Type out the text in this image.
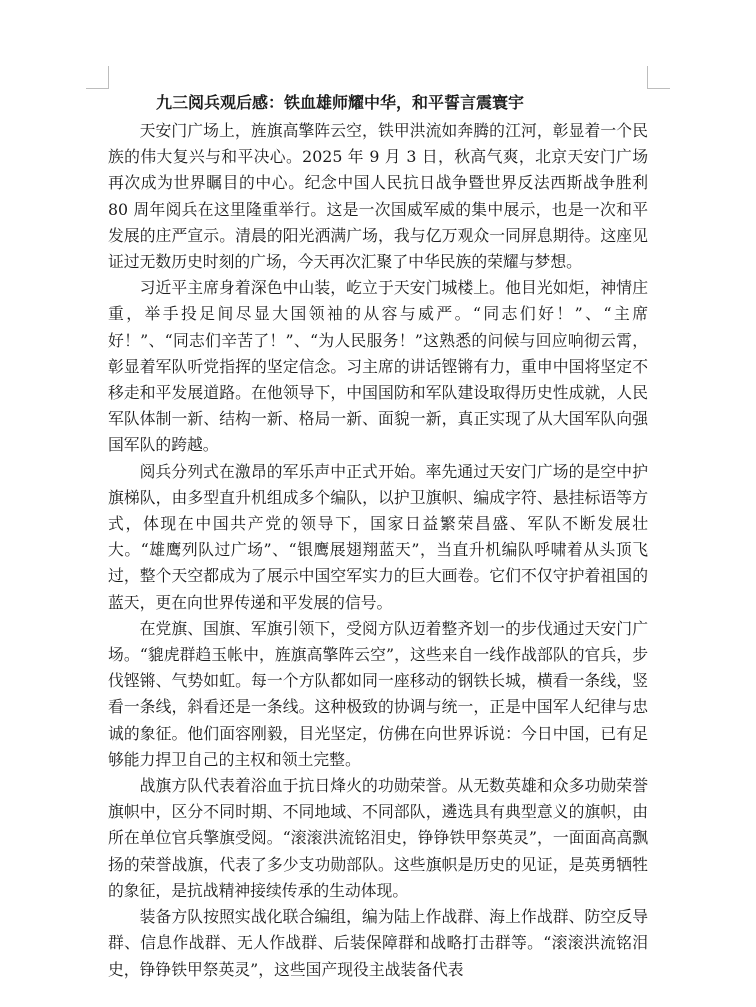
九三阅兵观后感：铁血雄师耀中华，和平誓言震寰宇

天安门广场上，旌旗高擎阵云空，铁甲洪流如奔腾的江河，彰显着一个民族的伟大复兴与和平决心。2025 年 9 月 3 日，秋高气爽，北京天安门广场再次成为世界瞩目的中心。纪念中国人民抗日战争暨世界反法西斯战争胜利 80 周年阅兵在这里隆重举行。这是一次国威军威的集中展示，也是一次和平发展的庄严宣示。清晨的阳光洒满广场，我与亿万观众一同屏息期待。这座见证过无数历史时刻的广场，今天再次汇聚了中华民族的荣耀与梦想。

习近平主席身着深色中山装，屹立于天安门城楼上。他目光如炬，神情庄重，举手投足间尽显大国领袖的从容与威严。“同志们好！”、“主席好！”、“同志们辛苦了！”、“为人民服务！”这熟悉的问候与回应响彻云霄，彰显着军队听党指挥的坚定信念。习主席的讲话铿锵有力，重申中国将坚定不移走和平发展道路。在他领导下，中国国防和军队建设取得历史性成就，人民军队体制一新、结构一新、格局一新、面貌一新，真正实现了从大国军队向强国军队的跨越。

阅兵分列式在激昂的军乐声中正式开始。率先通过天安门广场的是空中护旗梯队，由多型直升机组成多个编队，以护卫旗帜、编成字符、悬挂标语等方式，体现在中国共产党的领导下，国家日益繁荣昌盛、军队不断发展壮大。“雄鹰列队过广场”、“银鹰展翅翔蓝天”，当直升机编队呼啸着从头顶飞过，整个天空都成为了展示中国空军实力的巨大画卷。它们不仅守护着祖国的蓝天，更在向世界传递和平发展的信号。

在党旗、国旗、军旗引领下，受阅方队迈着整齐划一的步伐通过天安门广场。“貔虎群趋玉帐中，旌旗高擎阵云空”，这些来自一线作战部队的官兵，步伐铿锵、气势如虹。每一个方队都如同一座移动的钢铁长城，横看一条线，竖看一条线，斜看还是一条线。这种极致的协调与统一，正是中国军人纪律与忠诚的象征。他们面容刚毅，目光坚定，仿佛在向世界诉说：今日中国，已有足够能力捍卫自己的主权和领土完整。

战旗方队代表着浴血于抗日烽火的功勋荣誉。从无数英雄和众多功勋荣誉旗帜中，区分不同时期、不同地域、不同部队，遴选具有典型意义的旗帜，由所在单位官兵擎旗受阅。“滚滚洪流铭泪史，铮铮铁甲祭英灵”，一面面高高飘扬的荣誉战旗，代表了多少支功勋部队。这些旗帜是历史的见证，是英勇牺牲的象征，是抗战精神接续传承的生动体现。

装备方队按照实战化联合编组，编为陆上作战群、海上作战群、防空反导群、信息作战群、无人作战群、后装保障群和战略打击群等。“滚滚洪流铭泪史，铮铮铁甲祭英灵”，这些国产现役主战装备代表
